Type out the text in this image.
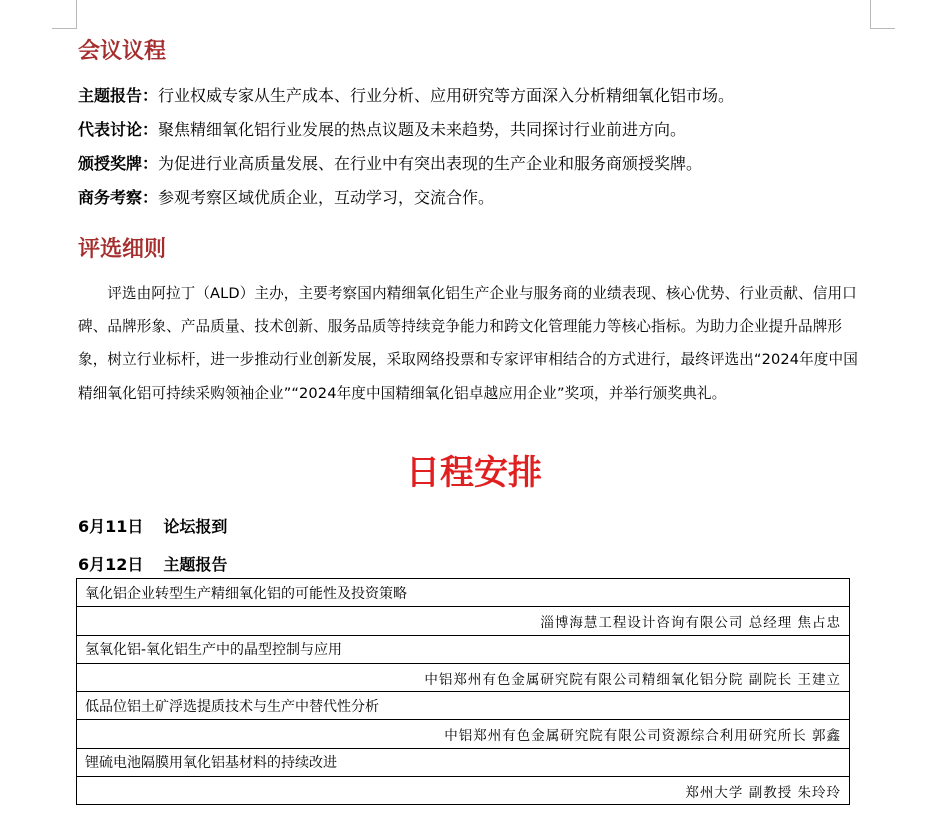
会议议程
主题报告：行业权威专家从生产成本、行业分析、应用研究等方面深入分析精细氧化铝市场。
代表讨论：聚焦精细氧化铝行业发展的热点议题及未来趋势，共同探讨行业前进方向。
颁授奖牌：为促进行业高质量发展、在行业中有突出表现的生产企业和服务商颁授奖牌。
商务考察：参观考察区域优质企业，互动学习，交流合作。
评选细则

评选由阿拉丁（ALD）主办，主要考察国内精细氧化铝生产企业与服务商的业绩表现、核心优势、行业贡献、信用口碑、品牌形象、产品质量、技术创新、服务品质等持续竞争能力和跨文化管理能力等核心指标。为助力企业提升品牌形象，树立行业标杆，进一步推动行业创新发展，采取网络投票和专家评审相结合的方式进行，最终评选出“2024年度中国精细氧化铝可持续采购领袖企业”“2024年度中国精细氧化铝卓越应用企业”奖项，并举行颁奖典礼。

日程安排
6月11日 论坛报到
6月12日 主题报告
氧化铝企业转型生产精细氧化铝的可能性及投资策略
淄博海慧工程设计咨询有限公司 总经理 焦占忠
氢氧化铝-氧化铝生产中的晶型控制与应用
中铝郑州有色金属研究院有限公司精细氧化铝分院 副院长 王建立
低品位铝土矿浮选提质技术与生产中替代性分析
中铝郑州有色金属研究院有限公司资源综合利用研究所长 郭鑫
锂硫电池隔膜用氧化铝基材料的持续改进
郑州大学 副教授 朱玲玲
